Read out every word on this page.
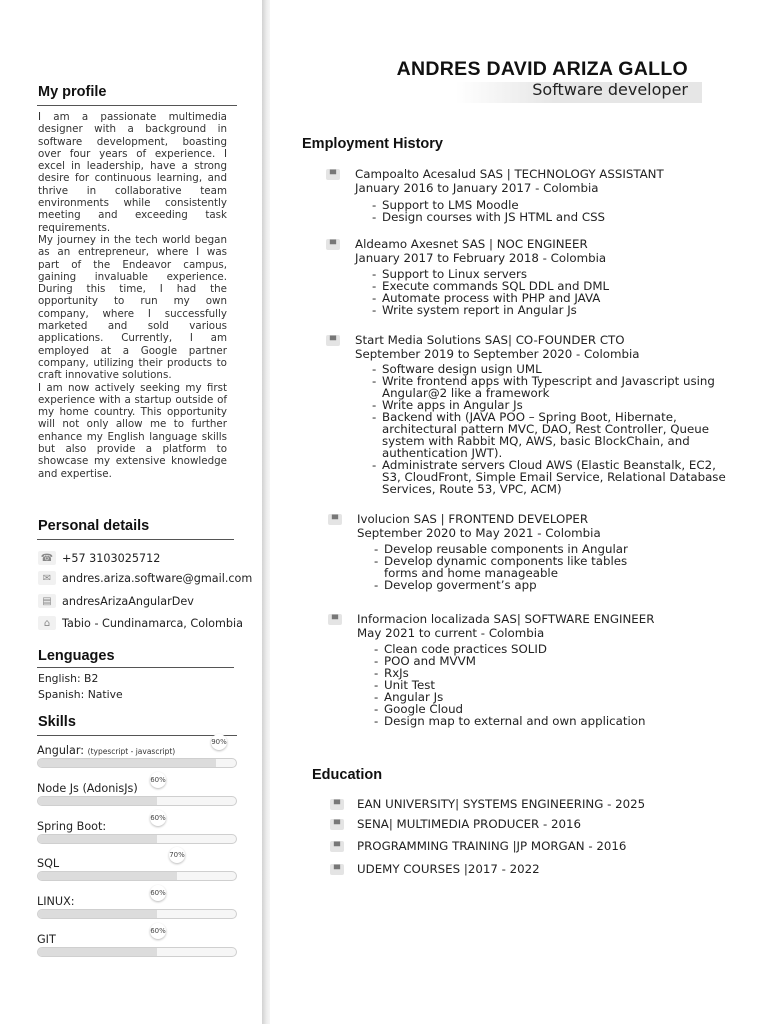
My profile

I am a passionate multimedia designer with a background in software development, boasting over four years of experience. I excel in leadership, have a strong desire for continuous learning, and thrive in collaborative team environments while consistently meeting and exceeding task requirements.

My journey in the tech world began as an entrepreneur, where I was part of the Endeavor campus, gaining invaluable experience. During this time, I had the opportunity to run my own company, where I successfully marketed and sold various applications. Currently, I am employed at a Google partner company, utilizing their products to craft innovative solutions.

I am now actively seeking my first experience with a startup outside of my home country. This opportunity will not only allow me to further enhance my English language skills but also provide a platform to showcase my extensive knowledge and expertise.

Personal details
☎ +57 3103025712
✉ andres.ariza.software@gmail.com
▤ andresArizaAngularDev
⌂	Tabio - Cundinamarca, Colombia
Lenguages
English: B2
Spanish: Native
Skills
Angular: (typescript - javascript)
90%
Node Js (AdonisJs)
60%
Spring Boot:
60%
SQL
70%
LINUX:
60%
GIT
60%
ANDRES DAVID ARIZA GALLO
Software developer
Employment History
▀	Campoalto Acesalud SAS | TECHNOLOGY ASSISTANT
January 2016 to January 2017 - Colombia
- Support to LMS Moodle
- Design courses with JS HTML and CSS
▀	Aldeamo Axesnet SAS | NOC ENGINEER
January 2017 to February 2018 - Colombia
- Support to Linux servers
- Execute commands SQL DDL and DML
- Automate process with PHP and JAVA
- Write system report in Angular Js
▀	Start Media Solutions SAS| CO-FOUNDER CTO
September 2019 to September 2020 - Colombia
- Software design usign UML
- Write frontend apps with Typescript and Javascript using Angular@2 like a framework
- Write apps in Angular Js
- Backend with (JAVA POO – Spring Boot, Hibernate, architectural pattern MVC, DAO, Rest Controller, Queue system with Rabbit MQ, AWS, basic BlockChain, and authentication JWT).
- Administrate servers Cloud AWS (Elastic Beanstalk, EC2, S3, CloudFront, Simple Email Service, Relational Database Services, Route 53, VPC, ACM)
▀	Ivolucion SAS | FRONTEND DEVELOPER
September 2020 to May 2021 - Colombia
- Develop reusable components in Angular
- Develop dynamic components like tables forms and home manageable
- Develop goverment’s app
▀	Informacion localizada SAS| SOFTWARE ENGINEER
May 2021 to current - Colombia
- Clean code practices SOLID
- POO and MVVM
- RxJs
- Unit Test
- Angular Js
- Google Cloud
- Design map to external and own application
Education
▀	EAN UNIVERSITY| SYSTEMS ENGINEERING - 2025
▀	SENA| MULTIMEDIA PRODUCER - 2016
▀	PROGRAMMING TRAINING |JP MORGAN - 2016
▀	UDEMY COURSES |2017 - 2022
